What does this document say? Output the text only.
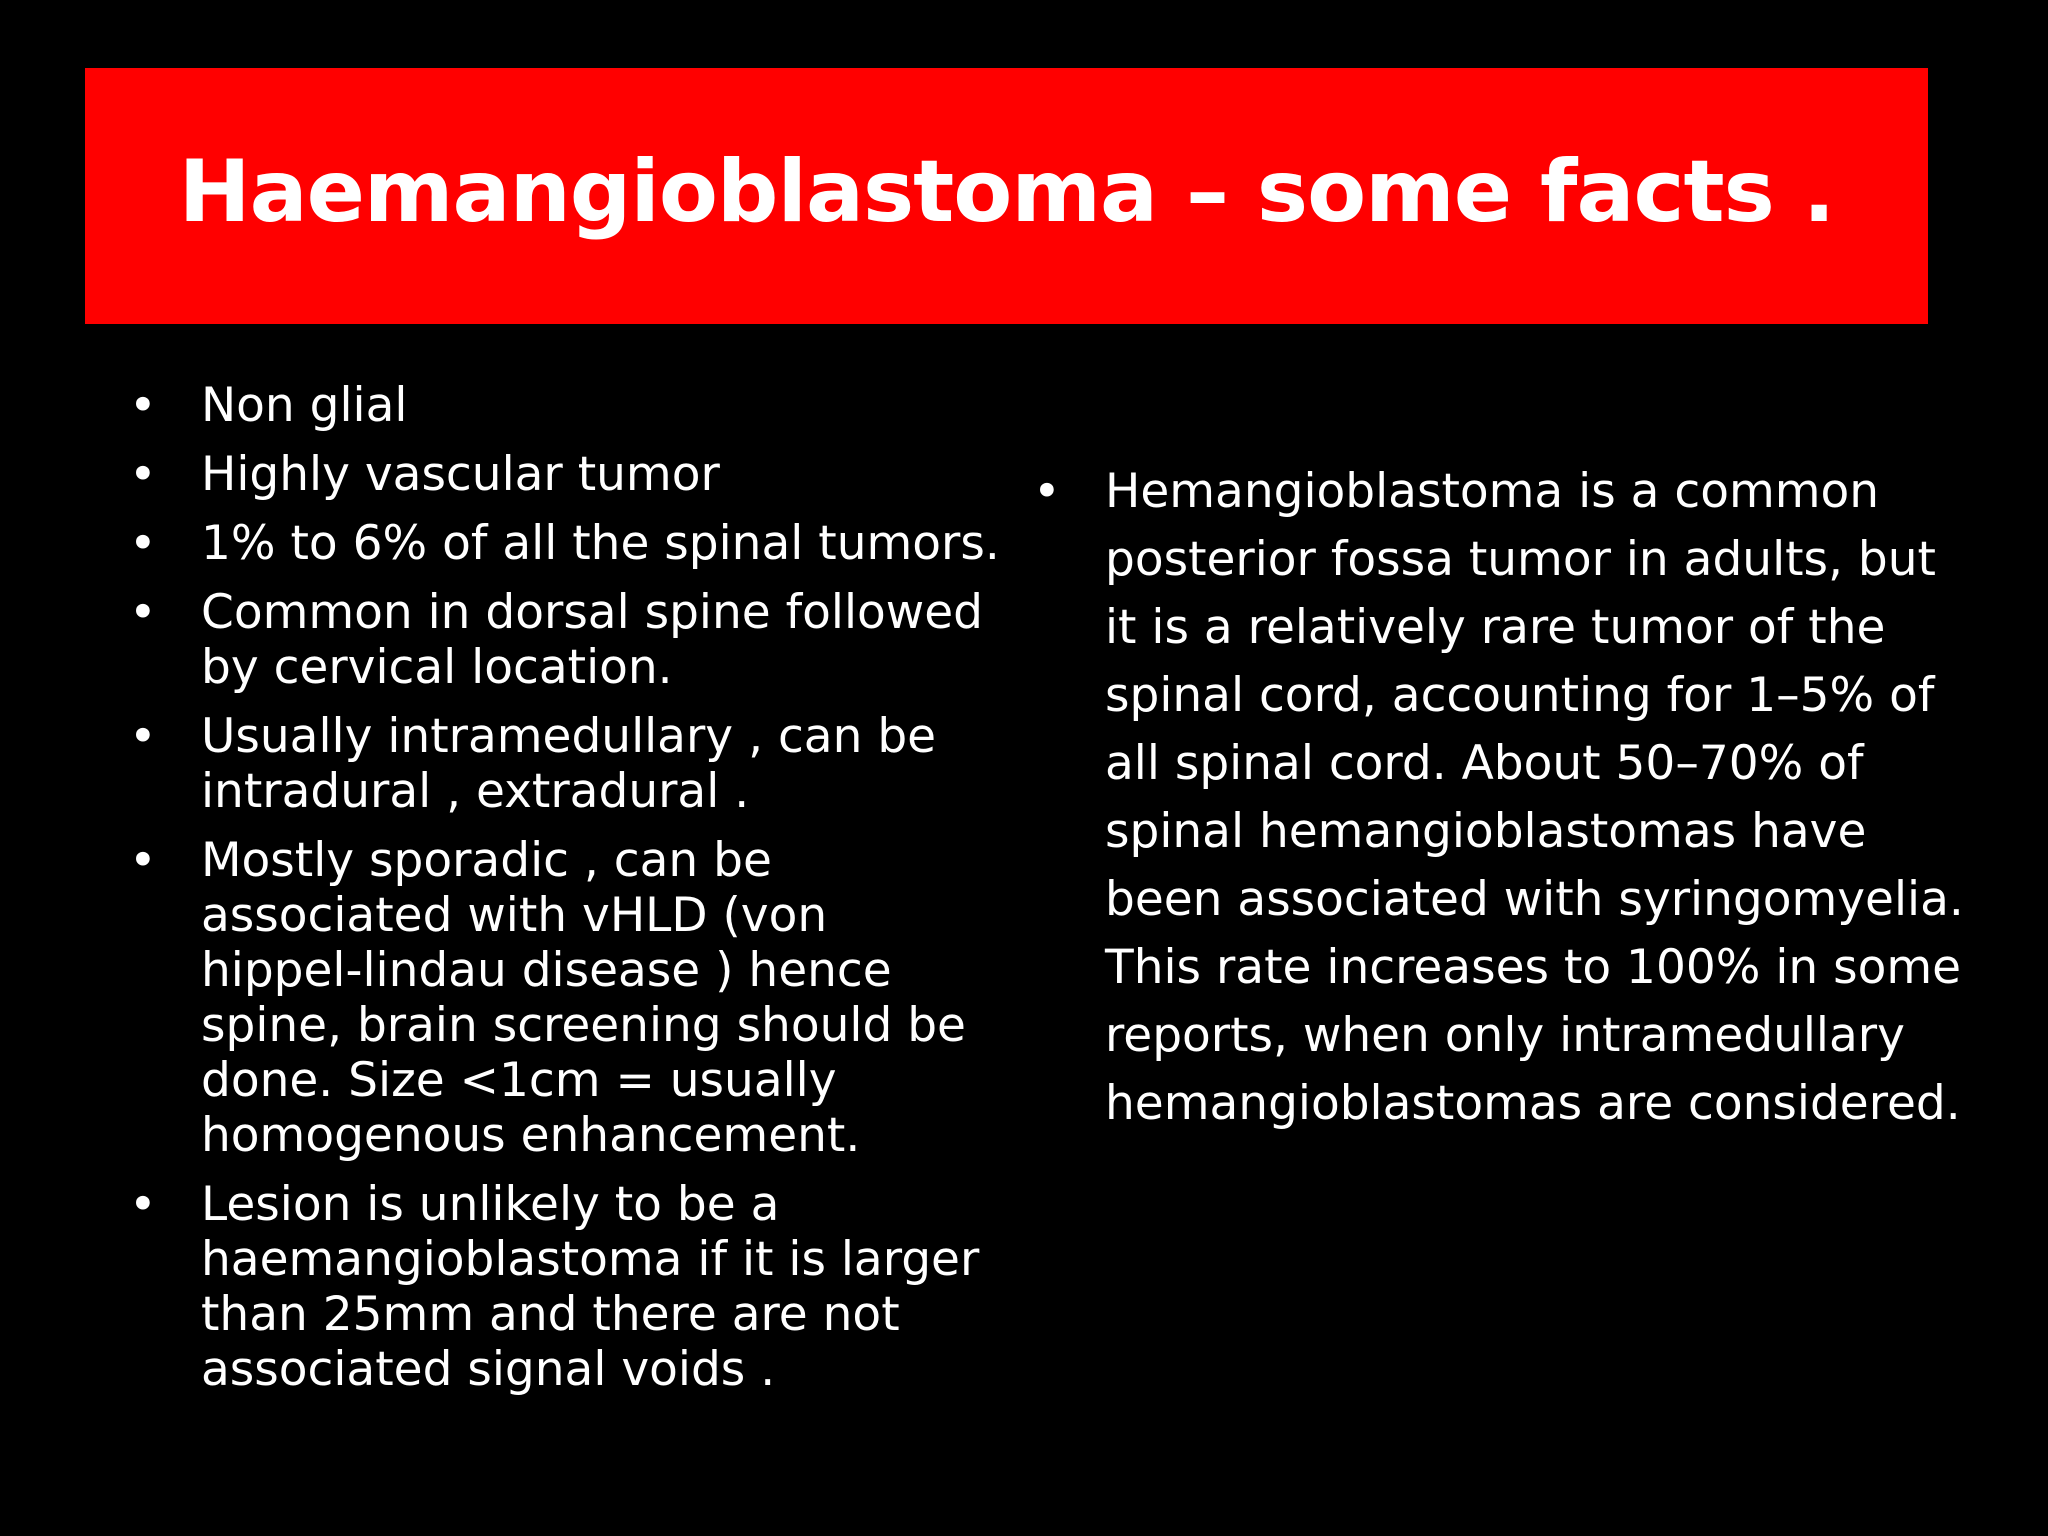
Haemangioblastoma – some facts .
• Non glial
• Highly vascular tumor
• 1% to 6% of all the spinal tumors.
• Common in dorsal spine followed by cervical location.
• Usually intramedullary , can be intradural , extradural .
• Mostly sporadic , can be associated with vHLD (von hippel-lindau disease ) hence spine, brain screening should be done. Size <1cm = usually homogenous enhancement.
• Lesion is unlikely to be a haemangioblastoma if it is larger than 25mm and there are not associated signal voids .
• Hemangioblastoma is a common posterior fossa tumor in adults, but it is a relatively rare tumor of the spinal cord, accounting for 1–5% of all spinal cord. About 50–70% of spinal hemangioblastomas have been associated with syringomyelia. This rate increases to 100% in some reports, when only intramedullary hemangioblastomas are considered.
